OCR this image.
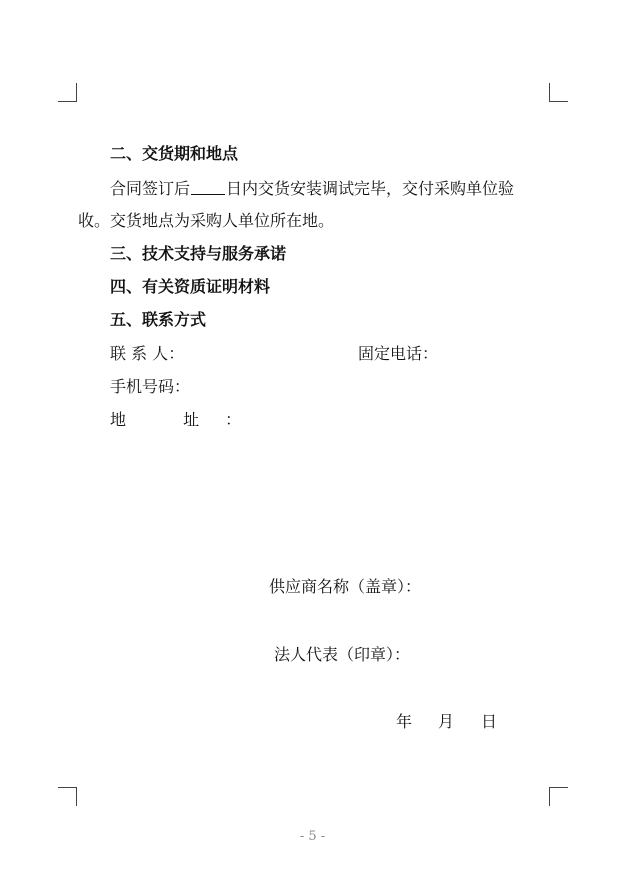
二、交货期和地点
合同签订后 日内交货安装调试完毕，交付采购单位验
收。交货地点为采购人单位所在地。
三、技术支持与服务承诺
四、有关资质证明材料
五、联系方式
联 系 人：	固定电话：
手机号码：
地 址：
供应商名称（盖章）：
法人代表（印章）：
年 月 日
- 5 -
